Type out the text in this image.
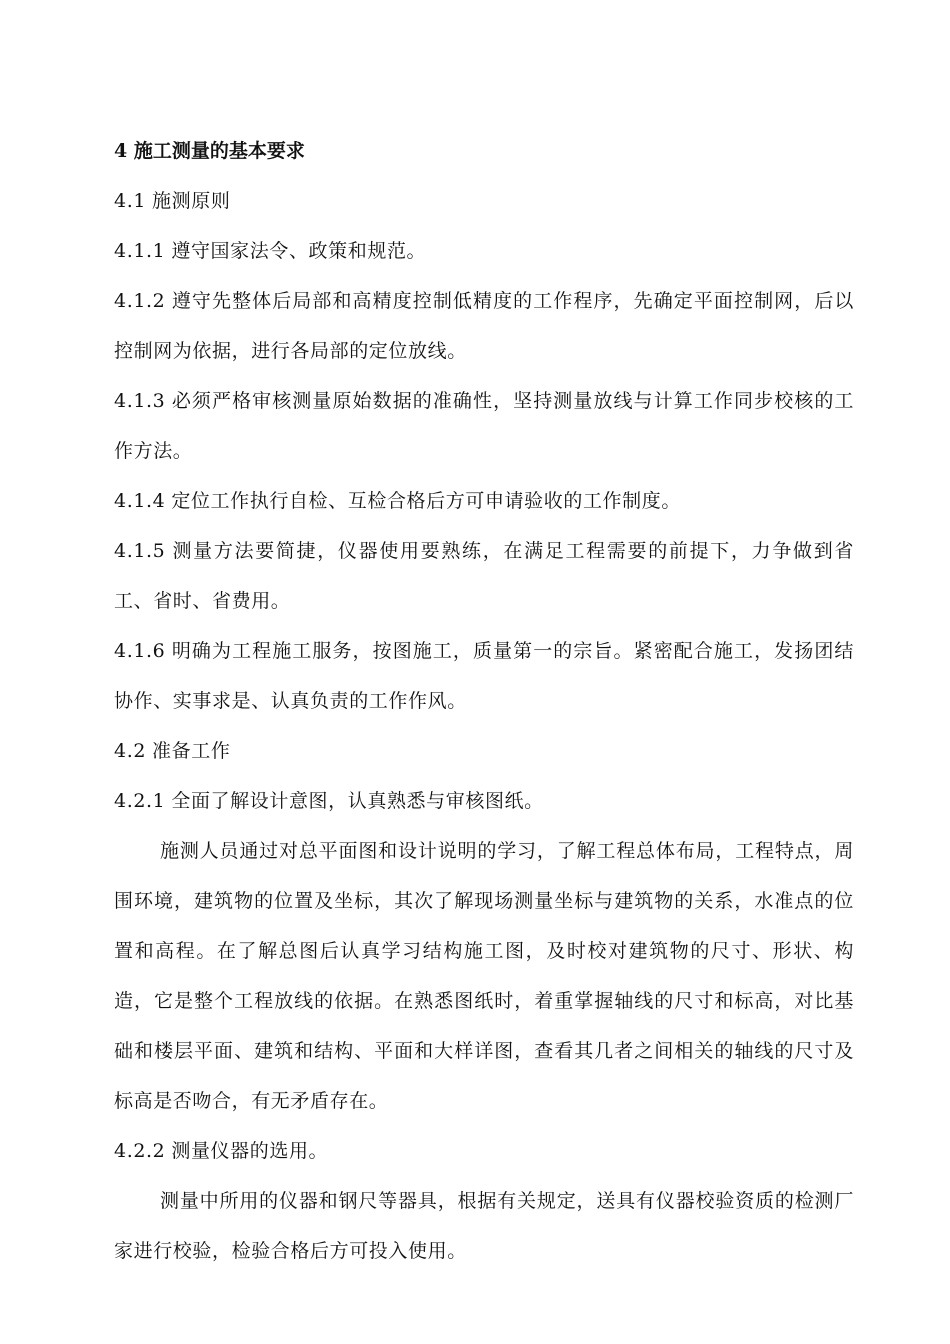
4 施工测量的基本要求

4.1 施测原则

4.1.1 遵守国家法令、政策和规范。

4.1.2 遵守先整体后局部和高精度控制低精度的工作程序，先确定平面控制网，后以控制网为依据，进行各局部的定位放线。

4.1.3 必须严格审核测量原始数据的准确性，坚持测量放线与计算工作同步校核的工作方法。

4.1.4 定位工作执行自检、互检合格后方可申请验收的工作制度。

4.1.5 测量方法要简捷，仪器使用要熟练，在满足工程需要的前提下，力争做到省工、省时、省费用。

4.1.6 明确为工程施工服务，按图施工，质量第一的宗旨。紧密配合施工，发扬团结协作、实事求是、认真负责的工作作风。

4.2 准备工作

4.2.1 全面了解设计意图，认真熟悉与审核图纸。

施测人员通过对总平面图和设计说明的学习，了解工程总体布局，工程特点，周围环境，建筑物的位置及坐标，其次了解现场测量坐标与建筑物的关系，水准点的位置和高程。在了解总图后认真学习结构施工图，及时校对建筑物的尺寸、形状、构造，它是整个工程放线的依据。在熟悉图纸时，着重掌握轴线的尺寸和标高，对比基础和楼层平面、建筑和结构、平面和大样详图，查看其几者之间相关的轴线的尺寸及标高是否吻合，有无矛盾存在。

4.2.2 测量仪器的选用。

测量中所用的仪器和钢尺等器具，根据有关规定，送具有仪器校验资质的检测厂家进行校验，检验合格后方可投入使用。
